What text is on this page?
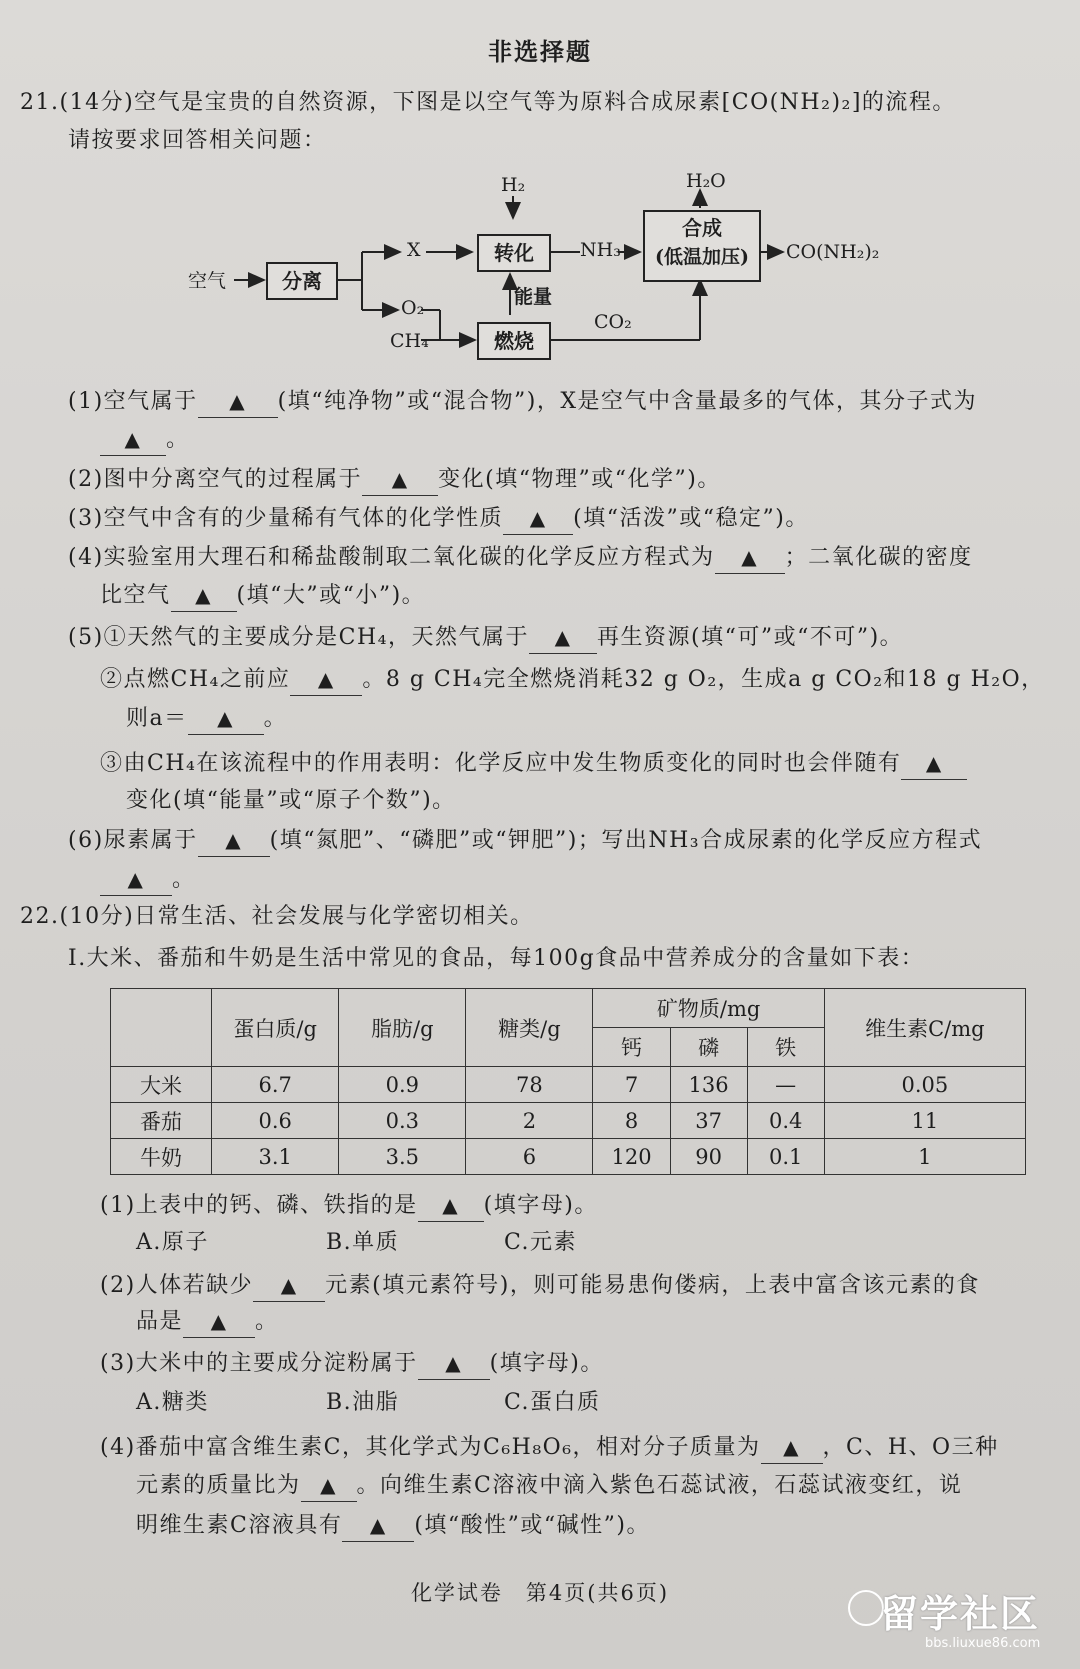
非选择题
21.(14分)空气是宝贵的自然资源，下图是以空气等为原料合成尿素[CO(NH₂)₂]的流程。
请按要求回答相关问题：
空气	分离
X
O₂
CH₄
H₂
转化	NH₃
H₂O
合成
(低温加压)	CO(NH₂)₂
能量
燃烧
CO₂
(1)空气属于 ▲ (填“纯净物”或“混合物”)，X是空气中含量最多的气体，其分子式为
▲ 。
(2)图中分离空气的过程属于 ▲ 变化(填“物理”或“化学”)。
(3)空气中含有的少量稀有气体的化学性质 ▲ (填“活泼”或“稳定”)。
(4)实验室用大理石和稀盐酸制取二氧化碳的化学反应方程式为 ▲ ；二氧化碳的密度
比空气 ▲ (填“大”或“小”)。
(5)①天然气的主要成分是CH₄，天然气属于 ▲ 再生资源(填“可”或“不可”)。
②点燃CH₄之前应 ▲ 。8 g CH₄完全燃烧消耗32 g O₂，生成a g CO₂和18 g H₂O，
则a＝ ▲ 。
③由CH₄在该流程中的作用表明：化学反应中发生物质变化的同时也会伴随有 ▲
变化(填“能量”或“原子个数”)。
(6)尿素属于 ▲ (填“氮肥”、“磷肥”或“钾肥”)；写出NH₃合成尿素的化学反应方程式
▲ 。
22.(10分)日常生活、社会发展与化学密切相关。
Ⅰ.大米、番茄和牛奶是生活中常见的食品，每100g食品中营养成分的含量如下表：
	蛋白质/g	脂肪/g	糖类/g	矿物质/mg			维生素C/mg
				钙	磷	铁	
大米	6.7	0.9	78	7	136	—	0.05
番茄	0.6	0.3	2	8	37	0.4	11
牛奶	3.1	3.5	6	120	90	0.1	1
(1)上表中的钙、磷、铁指的是 ▲ (填字母)。
A.原子	B.单质	C.元素
(2)人体若缺少 ▲ 元素(填元素符号)，则可能易患佝偻病，上表中富含该元素的食
品是 ▲ 。
(3)大米中的主要成分淀粉属于 ▲ (填字母)。
A.糖类	B.油脂	C.蛋白质
(4)番茄中富含维生素C，其化学式为C₆H₈O₆，相对分子质量为 ▲ ，C、H、O三种
元素的质量比为 ▲ 。向维生素C溶液中滴入紫色石蕊试液，石蕊试液变红，说
明维生素C溶液具有 ▲ (填“酸性”或“碱性”)。
化学试卷　第4页(共6页)	留学社区
bbs.liuxue86.com
